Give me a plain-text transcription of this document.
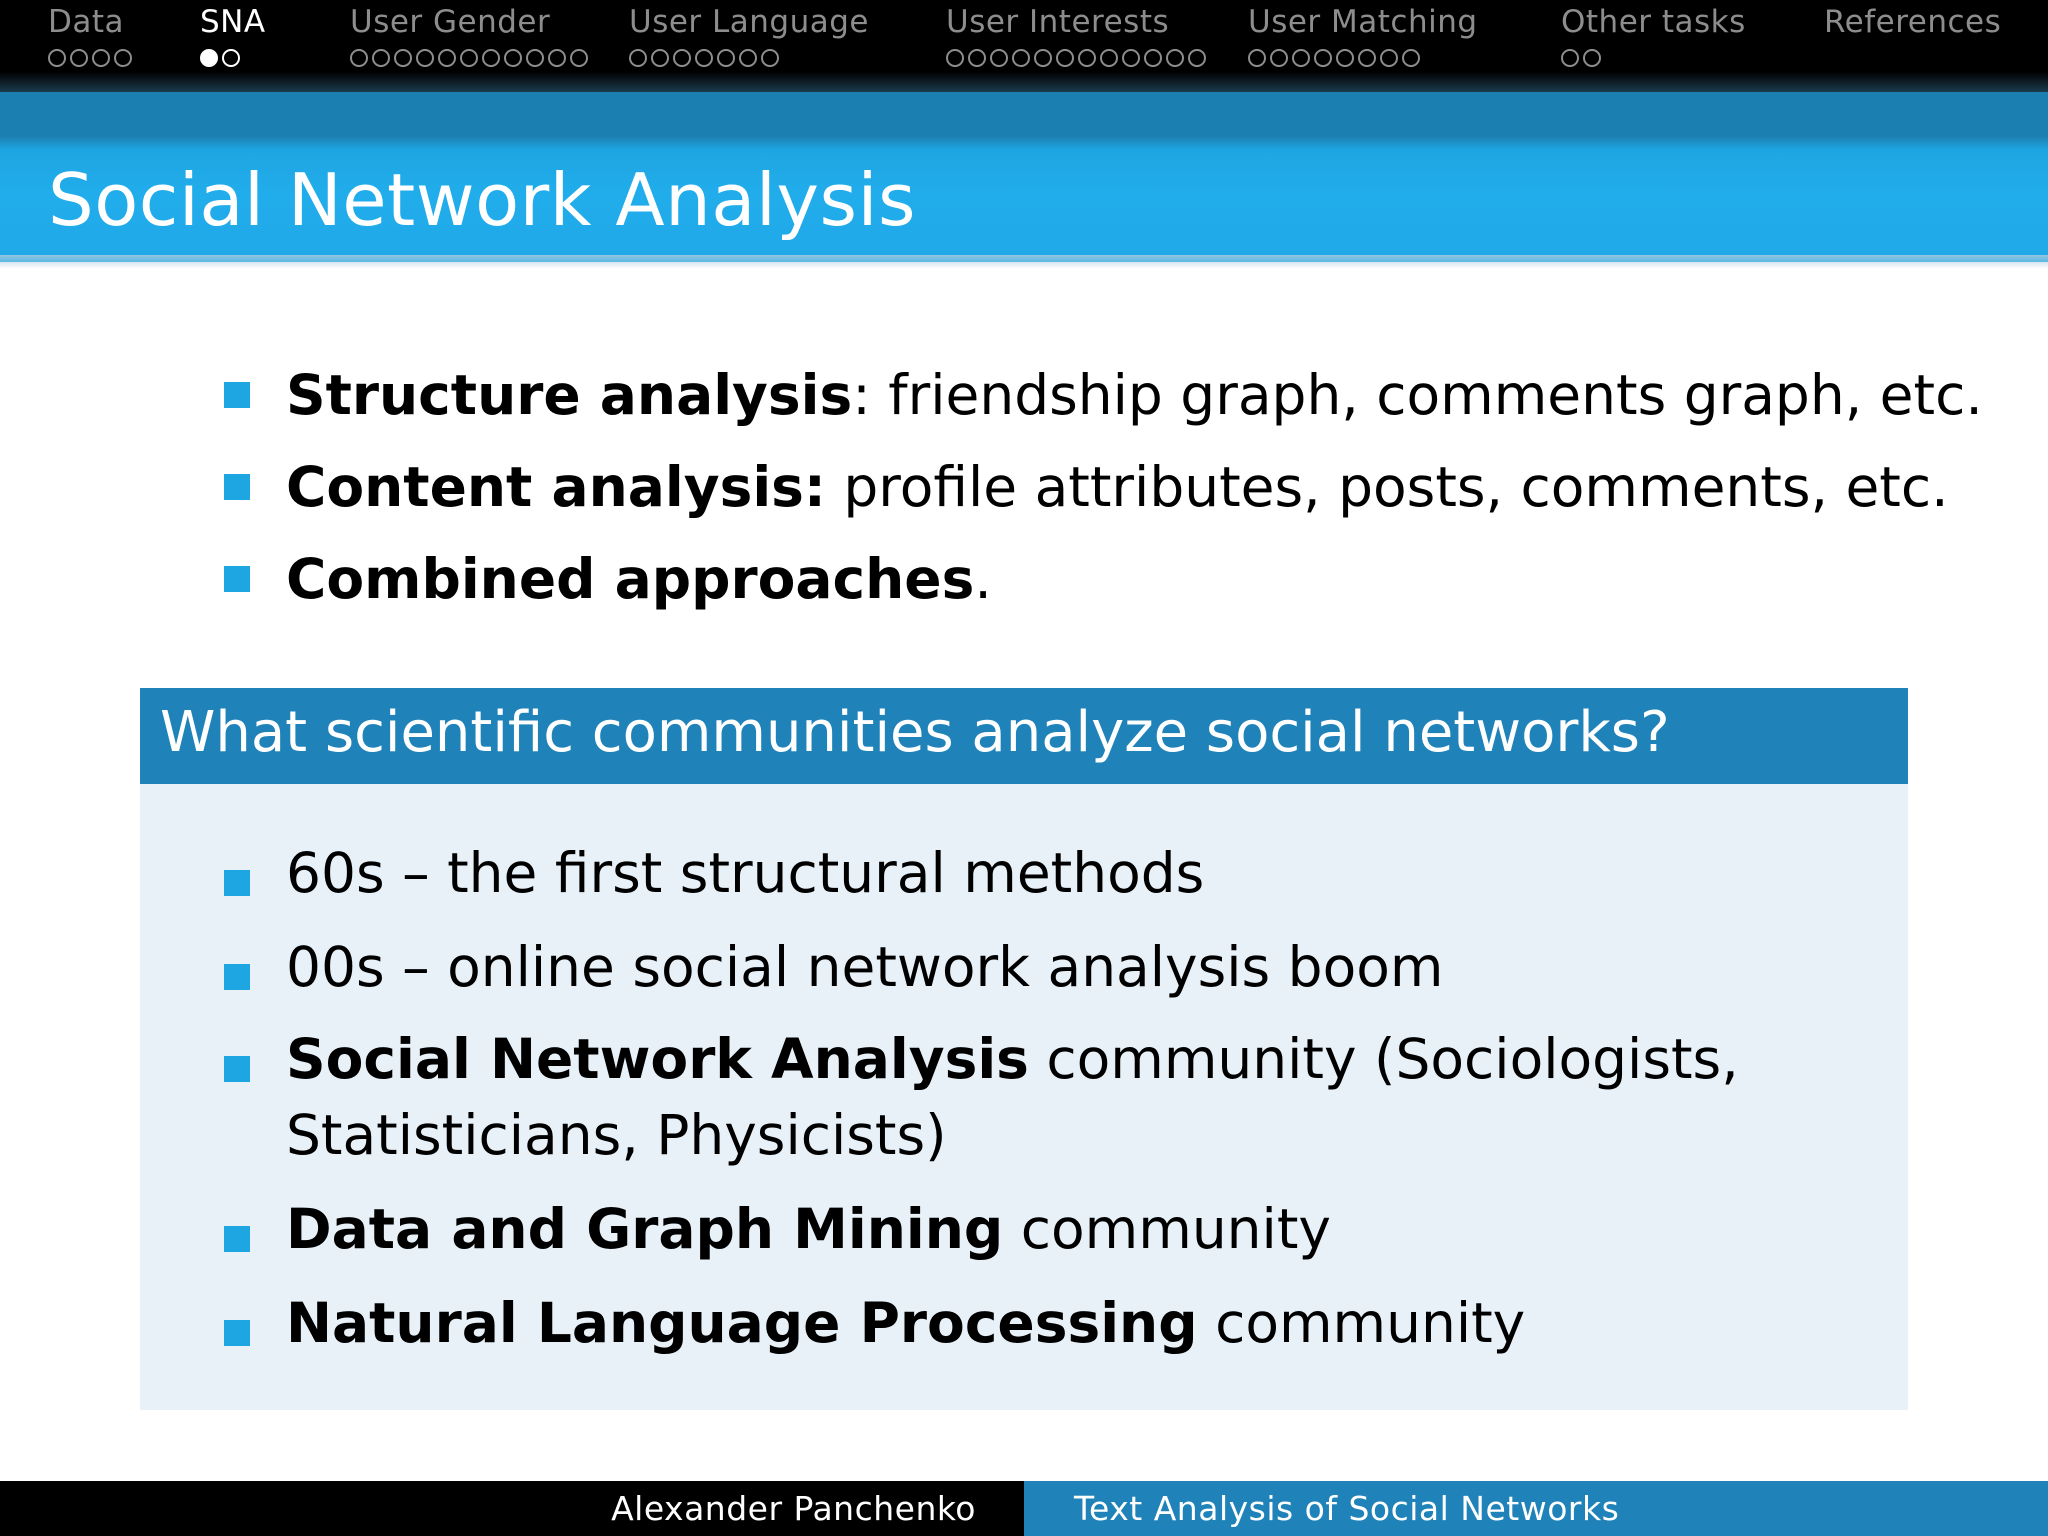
Data SNA	User Gender	User Language User Interests	User Matching	Other tasks	References
Social Network Analysis
Structure analysis: friendship graph, comments graph, etc.
Content analysis: profile attributes, posts, comments, etc.
Combined approaches.
What scientific communities analyze social networks?
60s – the first structural methods
00s – online social network analysis boom
Social Network Analysis community (Sociologists,
Statisticians, Physicists)
Data and Graph Mining community
Natural Language Processing community
Alexander Panchenko	Text Analysis of Social Networks
